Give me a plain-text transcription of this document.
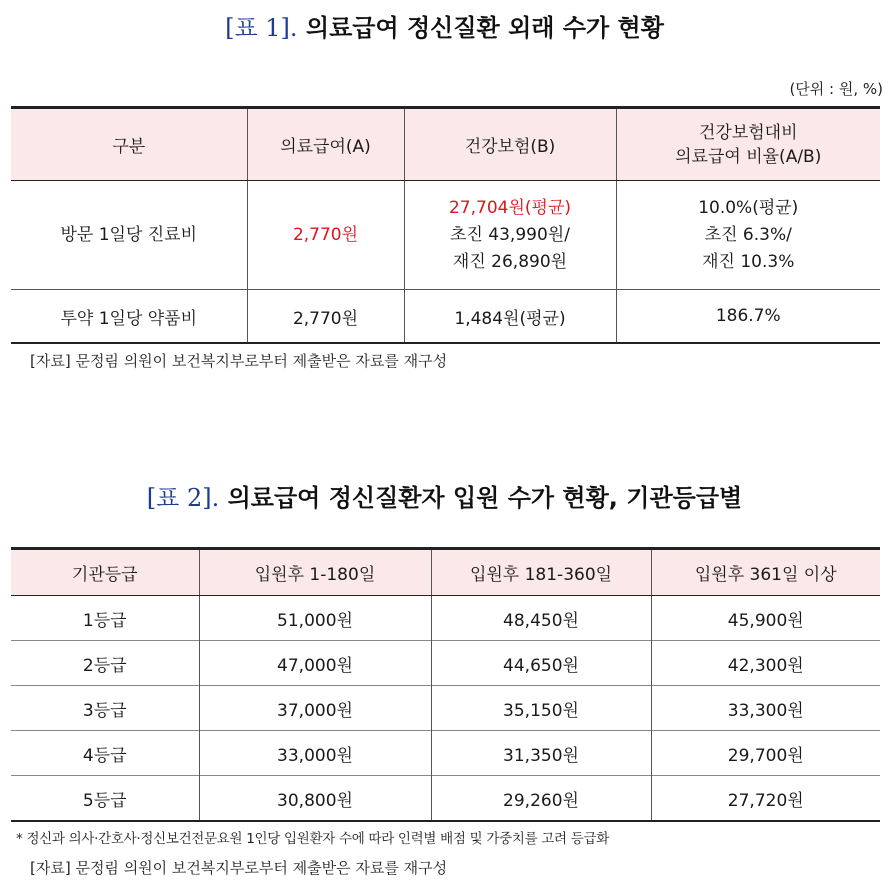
[표 1]. 의료급여 정신질환 외래 수가 현황
(단위 : 원, %)
구분	의료급여(A)	건강보험(B)	건강보험대비
의료급여 비율(A/B)
방문 1일당 진료비	2,770원	27,704원(평균)
초진 43,990원/
재진 26,890원	10.0%(평균)
초진 6.3%/
재진 10.3%
투약 1일당 약품비	2,770원	1,484원(평균)	186.7%
[자료] 문정림 의원이 보건복지부로부터 제출받은 자료를 재구성
[표 2]. 의료급여 정신질환자 입원 수가 현황, 기관등급별
기관등급	입원후 1-180일	입원후 181-360일	입원후 361일 이상
1등급	51,000원	48,450원	45,900원
2등급	47,000원	44,650원	42,300원
3등급	37,000원	35,150원	33,300원
4등급	33,000원	31,350원	29,700원
5등급	30,800원	29,260원	27,720원
* 정신과 의사·간호사·정신보건전문요원 1인당 입원환자 수에 따라 인력별 배점 및 가중치를 고려 등급화
[자료] 문정림 의원이 보건복지부로부터 제출받은 자료를 재구성
